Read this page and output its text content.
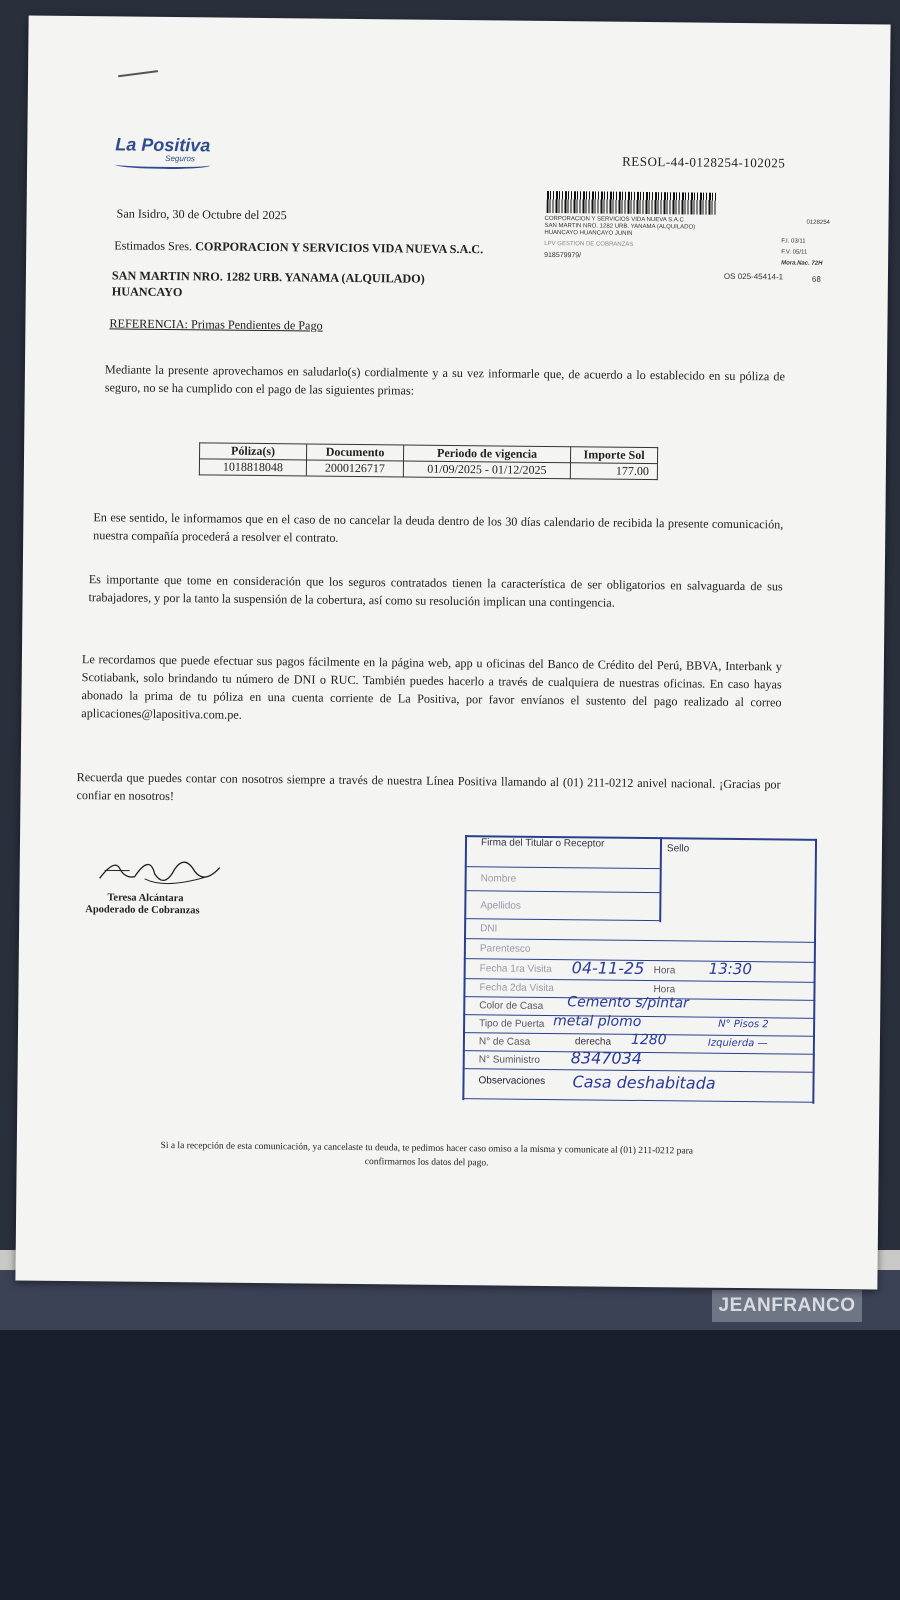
JEANFRANCO
La Positiva
Seguros	RESOL-44-0128254-102025
CORPORACION Y SERVICIOS VIDA NUEVA S.A.C
SAN MARTIN NRO. 1282 URB. YANAMA (ALQUILADO)
HUANCAYO HUANCAYO JUNIN
LPV GESTION DE COBRANZAS
918579979/
0128254
F.I. 03/11
F.V. 05/11
Mora.Nac. 72H
OS 025-45414-1	68
San Isidro, 30 de Octubre del 2025
Estimados Sres. CORPORACION Y SERVICIOS VIDA NUEVA S.A.C.
SAN MARTIN NRO. 1282 URB. YANAMA (ALQUILADO)
HUANCAYO
REFERENCIA: Primas Pendientes de Pago
Mediante la presente aprovechamos en saludarlo(s) cordialmente y a su vez informarle que, de acuerdo a lo establecido en su póliza de seguro, no se ha cumplido con el pago de las siguientes primas:
Póliza(s)	Documento	Periodo de vigencia	Importe Sol
1018818048	2000126717	01/09/2025 - 01/12/2025	177.00
En ese sentido, le informamos que en el caso de no cancelar la deuda dentro de los 30 días calendario de recibida la presente comunicación, nuestra compañía procederá a resolver el contrato.
Es importante que tome en consideración que los seguros contratados tienen la característica de ser obligatorios en salvaguarda de sus trabajadores, y por la tanto la suspensión de la cobertura, así como su resolución implican una contingencia.
Le recordamos que puede efectuar sus pagos fácilmente en la página web, app u oficinas del Banco de Crédito del Perú, BBVA, Interbank y Scotiabank, solo brindando tu número de DNI o RUC. También puedes hacerlo a través de cualquiera de nuestras oficinas. En caso hayas abonado la prima de tu póliza en una cuenta corriente de La Positiva, por favor envíanos el sustento del pago realizado al correo aplicaciones@lapositiva.com.pe.
Recuerda que puedes contar con nosotros siempre a través de nuestra Línea Positiva llamando al (01) 211-0212 anivel nacional. ¡Gracias por confiar en nosotros!
Teresa Alcántara
Apoderado de Cobranzas
Firma del Titular o Receptor	Sello
Nombre
Apellidos
DNI
Parentesco
Fecha 1ra Visita	04-11-25 Hora 13:30
Fecha 2da Visita	Hora
Color de Casa	Cemento s/pintar
Tipo de Puerta metal plomo	N° Pisos 2
N° de Casa	derecha 1280	Izquierda —
N° Suministro	8347034
Observaciones	Casa deshabitada
Si a la recepción de esta comunicación, ya cancelaste tu deuda, te pedimos hacer caso omiso a la misma y comunicate al (01) 211-0212 para confirmarnos los datos del pago.
